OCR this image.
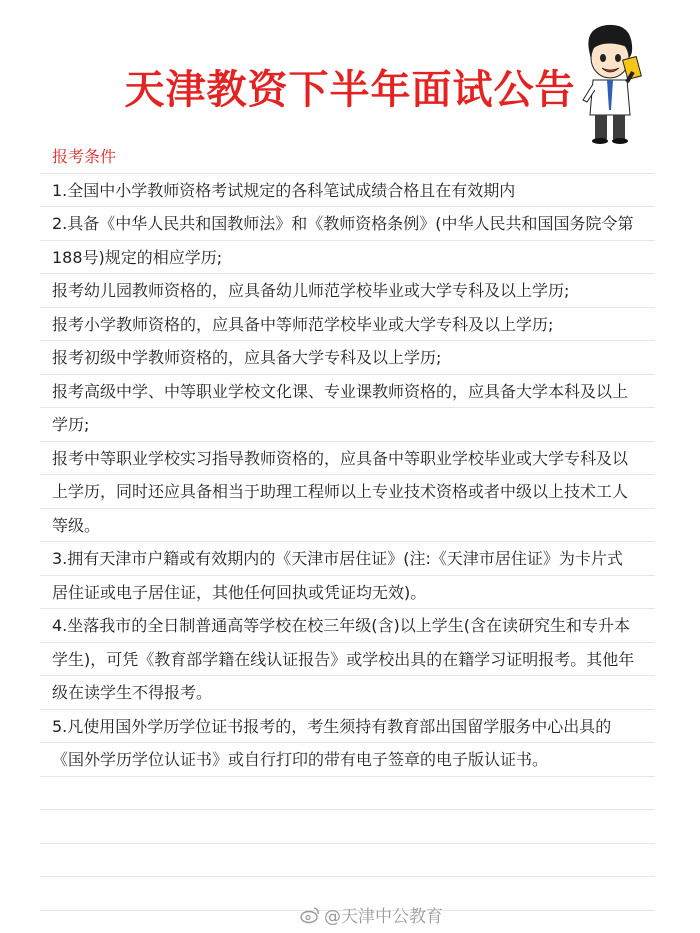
天津教资下半年面试公告
报考条件
1.全国中小学教师资格考试规定的各科笔试成绩合格且在有效期内
2.具备《中华人民共和国教师法》和《教师资格条例》(中华人民共和国国务院令第
188号)规定的相应学历;
报考幼儿园教师资格的，应具备幼儿师范学校毕业或大学专科及以上学历;
报考小学教师资格的，应具备中等师范学校毕业或大学专科及以上学历;
报考初级中学教师资格的，应具备大学专科及以上学历;
报考高级中学、中等职业学校文化课、专业课教师资格的，应具备大学本科及以上
学历;
报考中等职业学校实习指导教师资格的，应具备中等职业学校毕业或大学专科及以
上学历，同时还应具备相当于助理工程师以上专业技术资格或者中级以上技术工人
等级。
3.拥有天津市户籍或有效期内的《天津市居住证》(注:《天津市居住证》为卡片式
居住证或电子居住证，其他任何回执或凭证均无效)。
4.坐落我市的全日制普通高等学校在校三年级(含)以上学生(含在读研究生和专升本
学生)，可凭《教育部学籍在线认证报告》或学校出具的在籍学习证明报考。其他年
级在读学生不得报考。
5.凡使用国外学历学位证书报考的，考生须持有教育部出国留学服务中心出具的
《国外学历学位认证书》或自行打印的带有电子签章的电子版认证书。
@天津中公教育
